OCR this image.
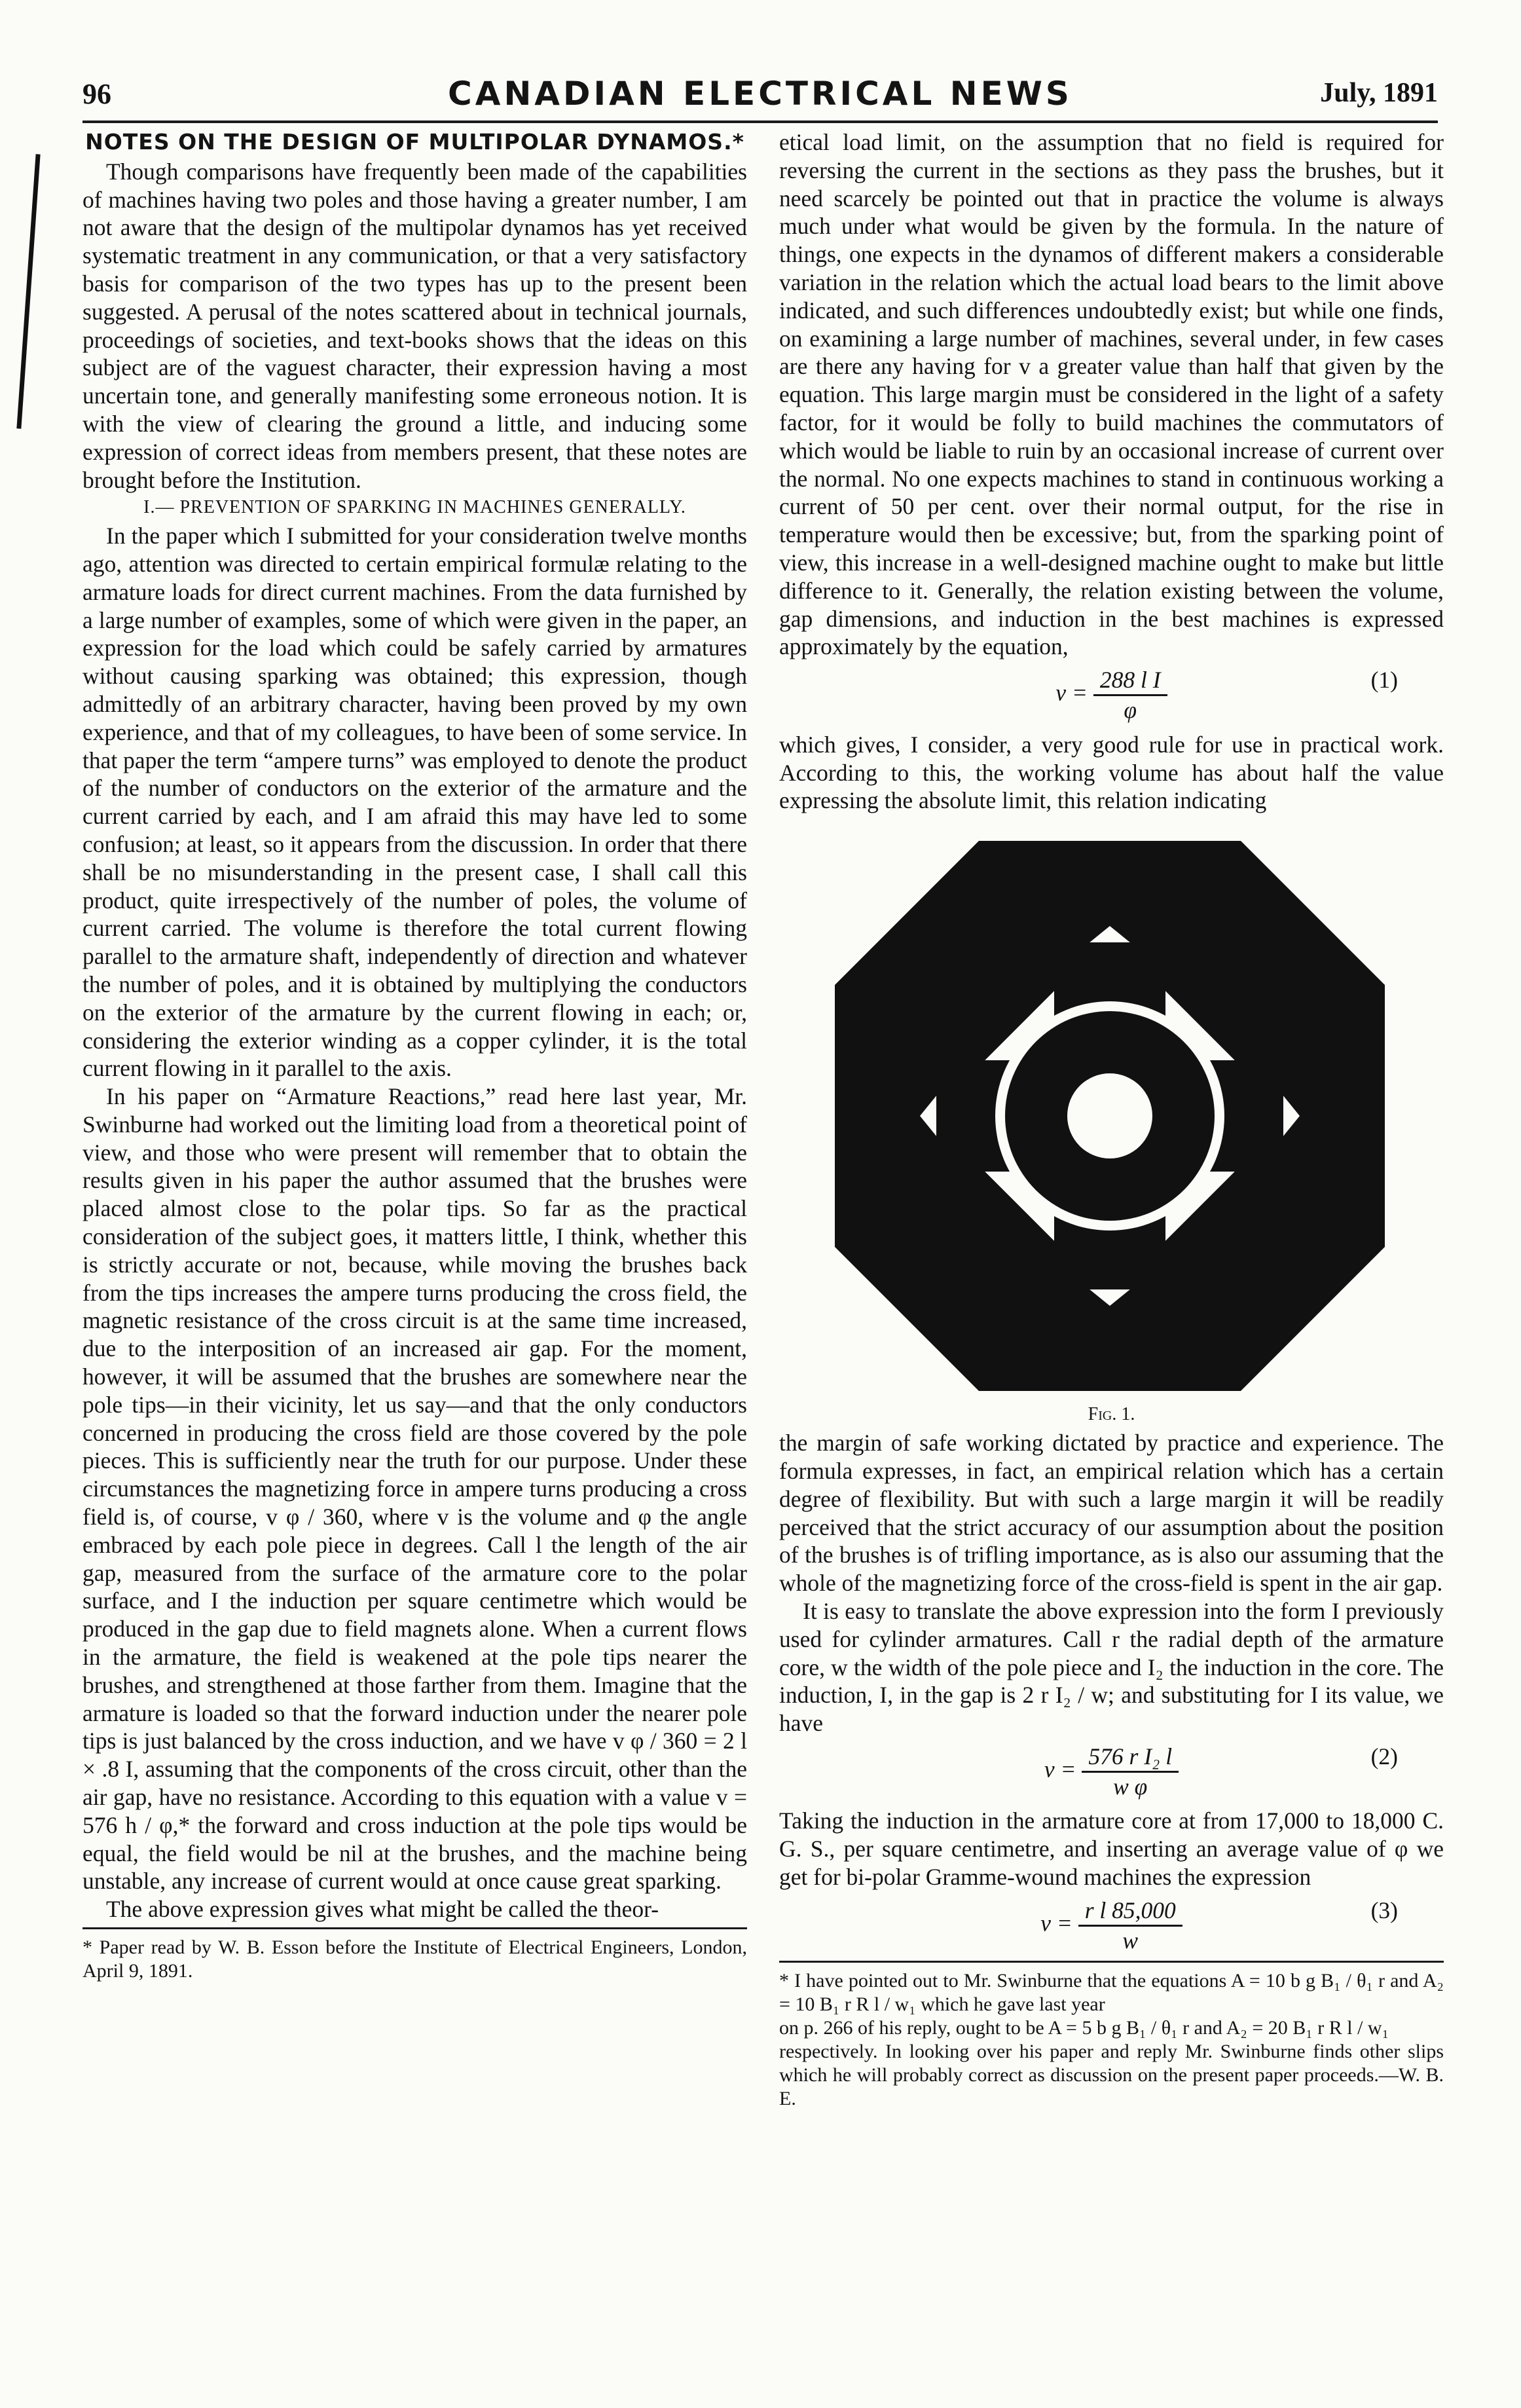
96	CANADIAN ELECTRICAL NEWS	July, 1891
NOTES ON THE DESIGN OF MULTIPOLAR DYNAMOS.*

Though comparisons have frequently been made of the capabilities of machines having two poles and those having a greater number, I am not aware that the design of the multipolar dynamos has yet received systematic treatment in any communication, or that a very satisfactory basis for comparison of the two types has up to the present been suggested. A perusal of the notes scattered about in technical journals, proceedings of societies, and text-books shows that the ideas on this subject are of the vaguest character, their expression having a most uncertain tone, and generally manifesting some erroneous notion. It is with the view of clearing the ground a little, and inducing some expression of correct ideas from members present, that these notes are brought before the Institution.

I.— PREVENTION OF SPARKING IN MACHINES GENERALLY.

In the paper which I submitted for your consideration twelve months ago, attention was directed to certain empirical formulæ relating to the armature loads for direct current machines. From the data furnished by a large number of examples, some of which were given in the paper, an expression for the load which could be safely carried by armatures without causing sparking was obtained; this expression, though admittedly of an arbitrary character, having been proved by my own experience, and that of my colleagues, to have been of some service. In that paper the term “ampere turns” was employed to denote the product of the number of conductors on the exterior of the armature and the current carried by each, and I am afraid this may have led to some confusion; at least, so it appears from the discussion. In order that there shall be no misunderstanding in the present case, I shall call this product, quite irrespectively of the number of poles, the volume of current carried. The volume is therefore the total current flowing parallel to the armature shaft, independently of direction and whatever the number of poles, and it is obtained by multiplying the conductors on the exterior of the armature by the current flowing in each; or, considering the exterior winding as a copper cylinder, it is the total current flowing in it parallel to the axis.

In his paper on “Armature Reactions,” read here last year, Mr. Swinburne had worked out the limiting load from a theoretical point of view, and those who were present will remember that to obtain the results given in his paper the author assumed that the brushes were placed almost close to the polar tips. So far as the practical consideration of the subject goes, it matters little, I think, whether this is strictly accurate or not, because, while moving the brushes back from the tips increases the ampere turns producing the cross field, the magnetic resistance of the cross circuit is at the same time increased, due to the interposition of an increased air gap. For the moment, however, it will be assumed that the brushes are somewhere near the pole tips—in their vicinity, let us say—and that the only conductors concerned in producing the cross field are those covered by the pole pieces. This is sufficiently near the truth for our purpose. Under these circumstances the magnetizing force in ampere turns producing a cross field is, of course, v φ / 360, where v is the volume and φ the angle embraced by each pole piece in degrees. Call l the length of the air gap, measured from the surface of the armature core to the polar surface, and I the induction per square centimetre which would be produced in the gap due to field magnets alone. When a current flows in the armature, the field is weakened at the pole tips nearer the brushes, and strengthened at those farther from them. Imagine that the armature is loaded so that the forward induction under the nearer pole tips is just balanced by the cross induction, and we have v φ / 360 = 2 l × .8 I, assuming that the components of the cross circuit, other than the air gap, have no resistance. According to this equation with a value v = 576 h / φ,* the forward and cross induction at the pole tips would be equal, the field would be nil at the brushes, and the machine being unstable, any increase of current would at once cause great sparking.

The above expression gives what might be called the theor-

* Paper read by W. B. Esson before the Institute of Electrical Engineers, London, April 9, 1891.

etical load limit, on the assumption that no field is required for reversing the current in the sections as they pass the brushes, but it need scarcely be pointed out that in practice the volume is always much under what would be given by the formula. In the nature of things, one expects in the dynamos of different makers a considerable variation in the relation which the actual load bears to the limit above indicated, and such differences undoubtedly exist; but while one finds, on examining a large number of machines, several under, in few cases are there any having for v a greater value than half that given by the equation. This large margin must be considered in the light of a safety factor, for it would be folly to build machines the commutators of which would be liable to ruin by an occasional increase of current over the normal. No one expects machines to stand in continuous working a current of 50 per cent. over their normal output, for the rise in temperature would then be excessive; but, from the sparking point of view, this increase in a well-designed machine ought to make but little difference to it. Generally, the relation existing between the volume, gap dimensions, and induction in the best machines is expressed approximately by the equation,

$v = \frac{\text{288 l I}}{\varphi}$	(1)

which gives, I consider, a very good rule for use in practical work. According to this, the working volume has about half the value expressing the absolute limit, this relation indicating

Fig. 1.

the margin of safe working dictated by practice and experience. The formula expresses, in fact, an empirical relation which has a certain degree of flexibility. But with such a large margin it will be readily perceived that the strict accuracy of our assumption about the position of the brushes is of trifling importance, as is also our assuming that the whole of the magnetizing force of the cross-field is spent in the air gap.

It is easy to translate the above expression into the form I previously used for cylinder armatures. Call r the radial depth of the armature core, w the width of the pole piece and I₂ the induction in the core. The induction, I, in the gap is 2 r I₂ / w; and substituting for I its value, we have

$v = \frac{\text{576 r I₂ l}}{\text{w φ}}$	(2)

Taking the induction in the armature core at from 17,000 to 18,000 C. G. S., per square centimetre, and inserting an average value of φ we get for bi-polar Gramme-wound machines the expression

$v = \frac{\text{r l 85,000}}{w}$	(3)
* I have pointed out to Mr. Swinburne that the equations A = 10 b g B₁ / θ₁ r and A₂ = 10 B₁ r R l / w₁ which he gave last year
on p. 266 of his reply, ought to be A = 5 b g B₁ / θ₁ r and A₂ = 20 B₁ r R l / w₁
respectively. In looking over his paper and reply Mr. Swinburne finds other slips which he will probably correct as discussion on the present paper proceeds.—W. B. E.
